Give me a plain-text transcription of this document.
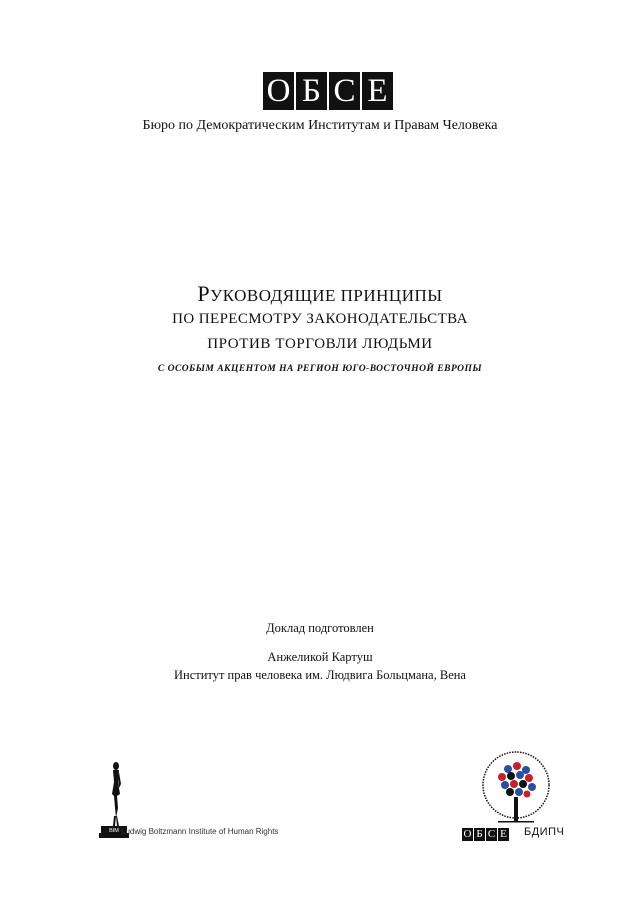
О Б С Е
Бюро по Демократическим Институтам и Правам Человека
РУКОВОДЯЩИЕ ПРИНЦИПЫ
ПО ПЕРЕСМОТРУ ЗАКОНОДАТЕЛЬСТВА
ПРОТИВ ТОРГОВЛИ ЛЮДЬМИ
С ОСОБЫМ АКЦЕНТОМ НА РЕГИОН ЮГО-ВОСТОЧНОЙ ЕВРОПЫ
Доклад подготовлен
Анжеликой Картуш
Институт прав человека им. Людвига Больцмана, Вена
BIM Ludwig Boltzmann Institute of Human Rights	О Б С Е БДИПЧ
